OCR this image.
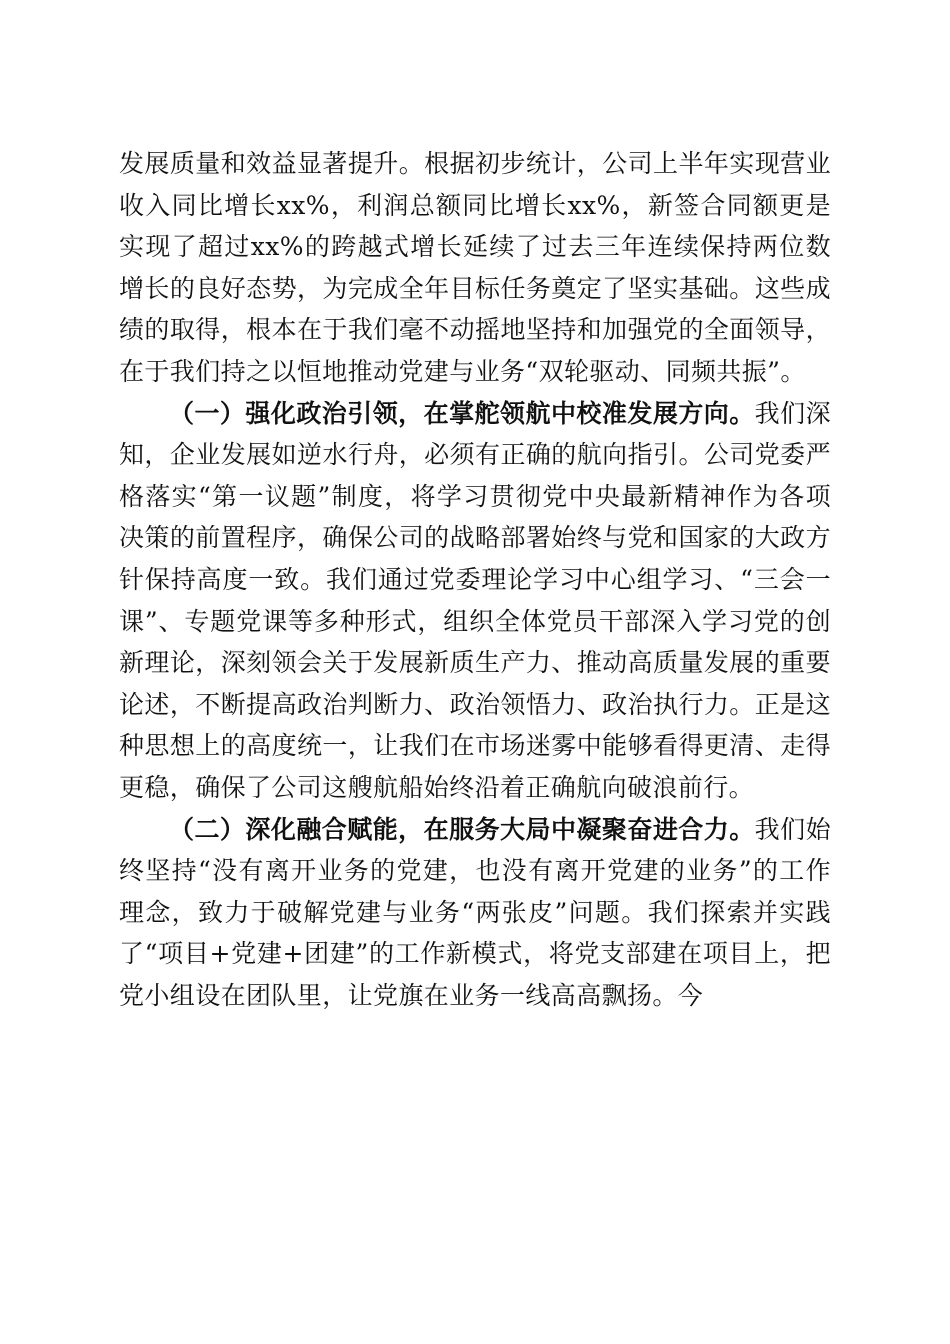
发展质量和效益显著提升。根据初步统计，公司上半年实现营业收入同比增长xx%，利润总额同比增长xx%，新签合同额更是实现了超过xx%的跨越式增长延续了过去三年连续保持两位数增长的良好态势，为完成全年目标任务奠定了坚实基础。这些成绩的取得，根本在于我们毫不动摇地坚持和加强党的全面领导，在于我们持之以恒地推动党建与业务“双轮驱动、同频共振”。

（一）强化政治引领，在掌舵领航中校准发展方向。我们深知，企业发展如逆水行舟，必须有正确的航向指引。公司党委严格落实“第一议题”制度，将学习贯彻党中央最新精神作为各项决策的前置程序，确保公司的战略部署始终与党和国家的大政方针保持高度一致。我们通过党委理论学习中心组学习、“三会一课”、专题党课等多种形式，组织全体党员干部深入学习党的创新理论，深刻领会关于发展新质生产力、推动高质量发展的重要论述，不断提高政治判断力、政治领悟力、政治执行力。正是这种思想上的高度统一，让我们在市场迷雾中能够看得更清、走得更稳，确保了公司这艘航船始终沿着正确航向破浪前行。

（二）深化融合赋能，在服务大局中凝聚奋进合力。我们始终坚持“没有离开业务的党建，也没有离开党建的业务”的工作理念，致力于破解党建与业务“两张皮”问题。我们探索并实践了“项目+党建+团建”的工作新模式，将党支部建在项目上，把党小组设在团队里，让党旗在业务一线高高飘扬。今
